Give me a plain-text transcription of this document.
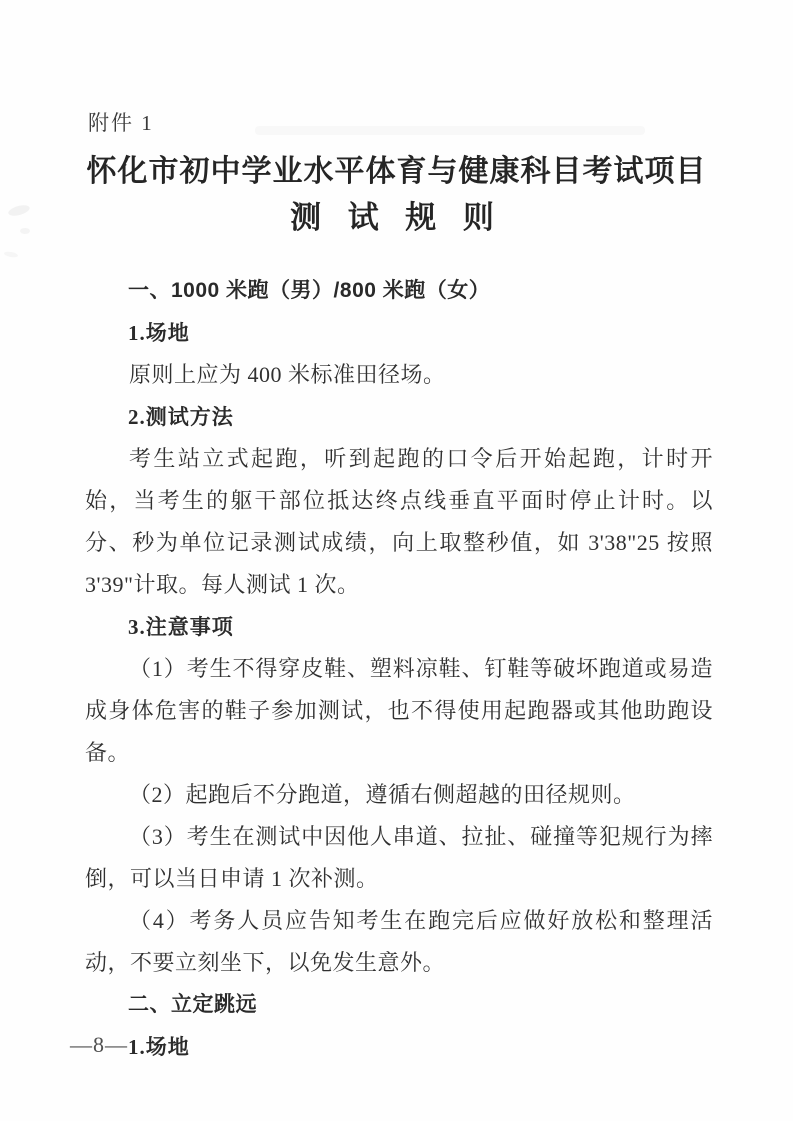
附件 1
怀化市初中学业水平体育与健康科目考试项目
测 试 规 则
一、1000 米跑（男）/800 米跑（女）
1.场地

原则上应为 400 米标准田径场。

2.测试方法

考生站立式起跑，听到起跑的口令后开始起跑，计时开始，当考生的躯干部位抵达终点线垂直平面时停止计时。以分、秒为单位记录测试成绩，向上取整秒值，如 3'38"25 按照 3'39"计取。每人测试 1 次。

3.注意事项

（1）考生不得穿皮鞋、塑料凉鞋、钉鞋等破坏跑道或易造成身体危害的鞋子参加测试，也不得使用起跑器或其他助跑设备。

（2）起跑后不分跑道，遵循右侧超越的田径规则。

（3）考生在测试中因他人串道、拉扯、碰撞等犯规行为摔倒，可以当日申请 1 次补测。

（4）考务人员应告知考生在跑完后应做好放松和整理活动，不要立刻坐下，以免发生意外。

二、立定跳远
1.场地
—8—
